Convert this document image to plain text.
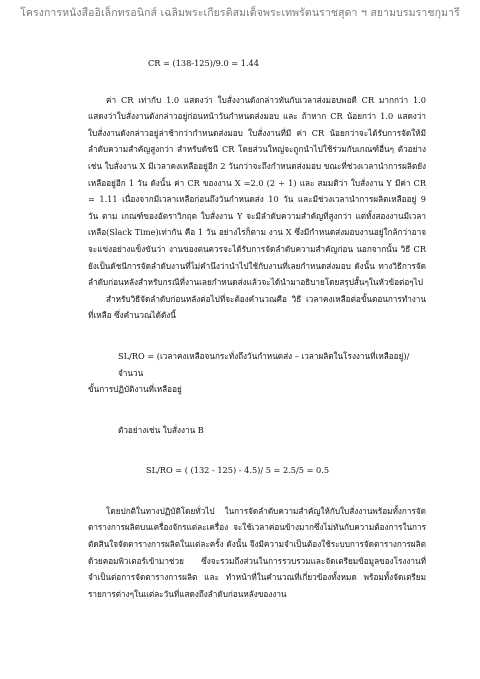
โครงการหนังสืออิเล็กทรอนิกส์ เฉลิมพระเกียรติสมเด็จพระเทพรัตนราชสุดา ฯ สยามบรมราชกุมารี

CR = (138-125)/9.0 = 1.44

ค่า CR เท่ากับ 1.0 แสดงว่า ใบสั่งงานดังกล่าวทันกับเวลาส่งมอบพอดี CR มากกว่า 1.0 แสดงว่าใบสั่งงานดังกล่าวอยู่ก่อนหน้าวันกำหนดส่งมอบ และ ถ้าหาก CR น้อยกว่า 1.0 แสดงว่าใบสั่งงานดังกล่าวอยู่ล่าช้ากว่ากำหนดส่งมอบ ใบสั่งงานที่มี ค่า CR น้อยกว่าจะได้รับการจัดให้มีลำดับความสำคัญสูงกว่า สำหรับดัชนี CR โดยส่วนใหญ่จะถูกนำไปใช้ร่วมกับเกณฑ์อื่นๆ ตัวอย่างเช่น ใบสั่งงาน X มีเวลาคงเหลืออยู่อีก 2 วันกว่าจะถึงกำหนดส่งมอบ ขณะที่ช่วงเวลานำการผลิตยังเหลืออยู่อีก 1 วัน ดังนั้น ค่า CR ของงาน X =2.0 (2 ÷ 1) และ สมมติว่า ใบสั่งงาน Y มีค่า CR = 1.11 เนื่องจากมีเวลาเหลือก่อนถึงวันกำหนดส่ง 10 วัน และมีช่วงเวลานำการผลิตเหลืออยู่ 9 วัน ตาม เกณฑ์ของอัตราวิกฤต ใบสั่งงาน Y จะมีลำดับความสำคัญที่สูงกว่า แต่ทั้งสองงานมีเวลาเหลือ(Slack Time)เท่ากัน คือ 1 วัน อย่างไรก็ตาม งาน X ซึ่งมีกำหนดส่งมอบงานอยู่ใกล้กว่าอาจจะแข่งอย่างแข็งขันว่า งานของตนควรจะได้รับการจัดลำดับความสำคัญก่อน นอกจากนั้น วิธี CR ยังเป็นดัชนีการจัดลำดับงานที่ไม่คำนึงว่านำไปใช้กับงานที่เลยกำหนดส่งมอบ ดังนั้น ทางวิธีการจัดลำดับก่อนหลังสำหรับกรณีที่งานเลยกำหนดส่งแล้วจะได้นำมาอธิบายโดยสรุปสั้นๆในหัวข้อต่อๆไป

สำหรับวิธีจัดลำดับก่อนหลังต่อไปที่จะต้องคำนวณคือ วิธี เวลาคงเหลือต่อขั้นตอนการทำงานที่เหลือ ซึ่งคำนวณได้ดังนี้

SL/RO = (เวลาคงเหลือจนกระทั่งถึงวันกำหนดส่ง – เวลาผลิตในโรงงานที่เหลืออยู่)/ จำนวน

ขั้นการปฏิบัติงานที่เหลืออยู่

ตัวอย่างเช่น ใบสั่งงาน B

SL/RO = ( (132 - 125) - 4.5)/ 5 = 2.5/5 = 0.5

โดยปกติในทางปฏิบัติโดยทั่วไป ในการจัดลำดับความสำคัญให้กับใบสั่งงานพร้อมทั้งการจัดตารางการผลิตบนเครื่องจักรแต่ละเครื่อง จะใช้เวลาค่อนข้างมากซึ่งไม่ทันกับความต้องการในการตัดสินใจจัดตารางการผลิตในแต่ละครั้ง ดังนั้น จึงมีความจำเป็นต้องใช้ระบบการจัดตารางการผลิตด้วยคอมพิวเตอร์เข้ามาช่วย ซึ่งจะรวมถึงส่วนในการรวบรวมและจัดเตรียมข้อมูลของโรงงานที่จำเป็นต่อการจัดตารางการผลิต และ ทำหน้าที่ในคำนวณที่เกี่ยวข้องทั้งหมด พร้อมทั้งจัดเตรียมรายการต่างๆในแต่ละวันที่แสดงถึงลำดับก่อนหลังของงาน
